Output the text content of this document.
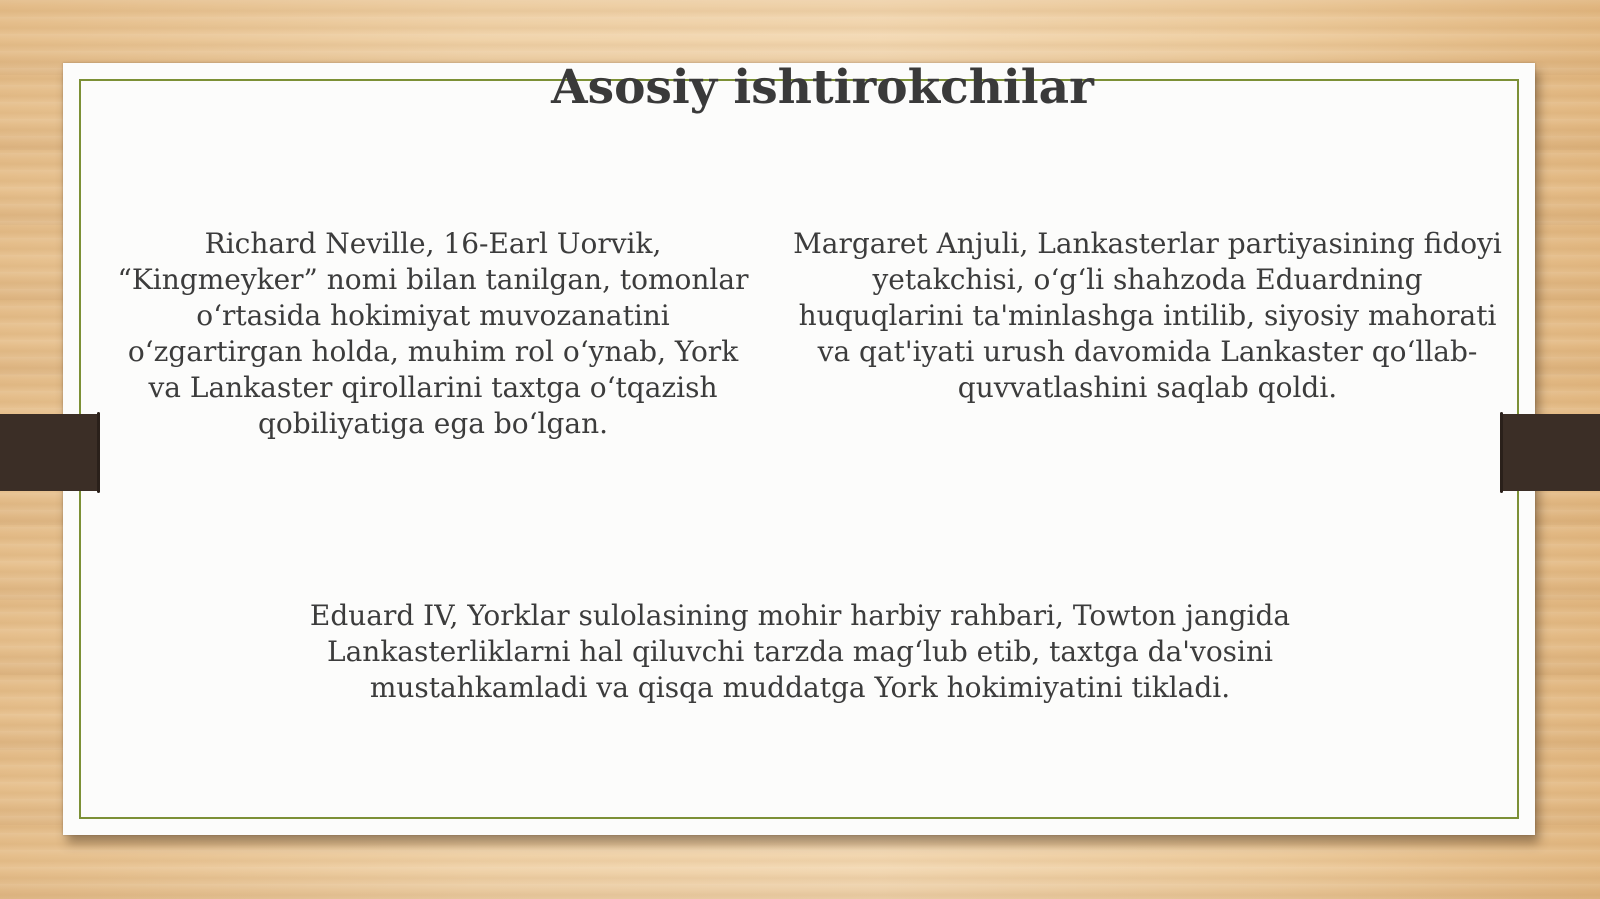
Asosiy ishtirokchilar

Richard Neville, 16-Earl Uorvik, “Kingmeyker” nomi bilan tanilgan, tomonlar oʻrtasida hokimiyat muvozanatini oʻzgartirgan holda, muhim rol oʻynab, York va Lankaster qirollarini taxtga oʻtqazish qobiliyatiga ega boʻlgan.

Margaret Anjuli, Lankasterlar partiyasining fidoyi yetakchisi, oʻgʻli shahzoda Eduardning huquqlarini ta'minlashga intilib, siyosiy mahorati va qat'iyati urush davomida Lankaster qoʻllab-quvvatlashini saqlab qoldi.

Eduard IV, Yorklar sulolasining mohir harbiy rahbari, Towton jangida Lankasterliklarni hal qiluvchi tarzda magʻlub etib, taxtga da'vosini mustahkamladi va qisqa muddatga York hokimiyatini tikladi.
